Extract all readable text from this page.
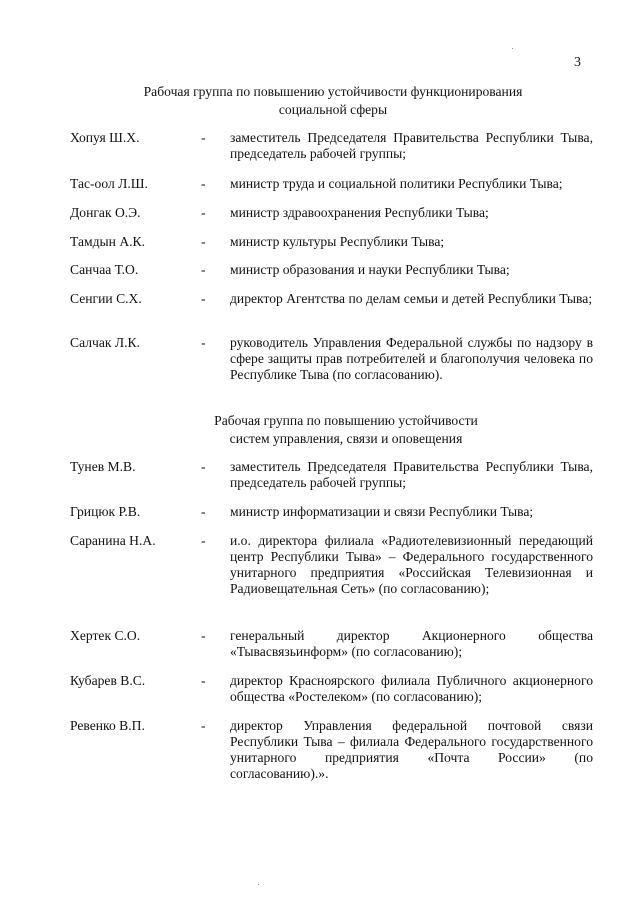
3
Рабочая группа по повышению устойчивости функционирования
социальной сферы
Хопуя Ш.Х.	- заместитель Председателя Правительства Республики Тыва, председатель рабочей группы;
Тас-оол Л.Ш.	- министр труда и социальной политики Республики Тыва;
Донгак О.Э.	- министр здравоохранения Республики Тыва;
Тамдын А.К.	- министр культуры Республики Тыва;
Санчаа Т.О.	- министр образования и науки Республики Тыва;
Сенгии С.Х.	- директор Агентства по делам семьи и детей Республики Тыва;
Салчак Л.К.	- руководитель Управления Федеральной службы по надзору в сфере защиты прав потребителей и благополучия человека по Республике Тыва (по согласованию).
Рабочая группа по повышению устойчивости
систем управления, связи и оповещения
Тунев М.В.	- заместитель Председателя Правительства Республики Тыва, председатель рабочей группы;
Грицюк Р.В.	- министр информатизации и связи Республики Тыва;
Саранина Н.А.	- и.о. директора филиала «Радиотелевизионный передающий центр Республики Тыва» – Федерального государственного унитарного предприятия «Российская Телевизионная и Радиовещательная Сеть» (по согласованию);
Хертек С.О.	- генеральный директор Акционерного общества «Тывасвязьинформ» (по согласованию);
Кубарев В.С.	- директор Красноярского филиала Публичного акционерного общества «Ростелеком» (по согласованию);
Ревенко В.П.	- директор Управления федеральной почтовой связи Республики Тыва – филиала Федерального государственного унитарного предприятия «Почта России» (по согласованию).».
